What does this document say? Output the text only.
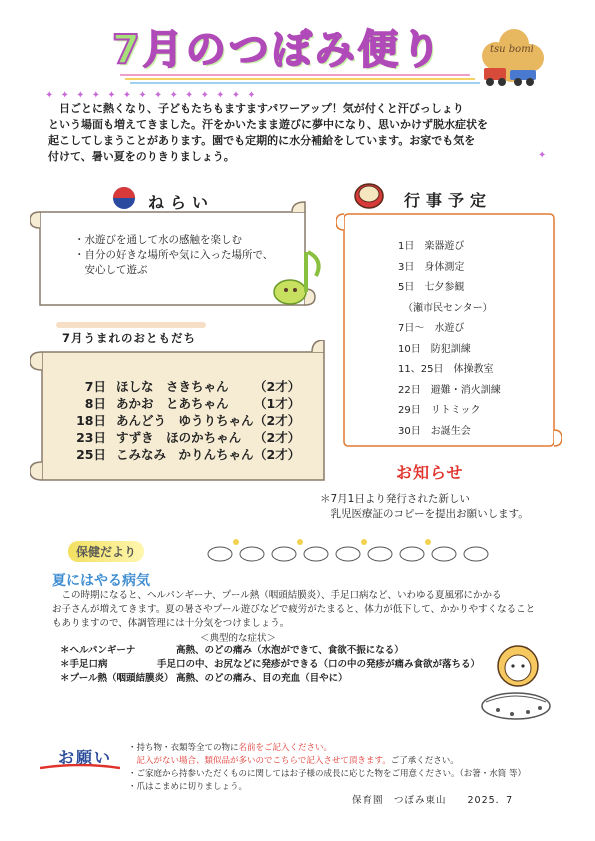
7月のつぼみ便り
✦ ✦ ✦ ✦ ✦ ✦ ✦ ✦ ✦ ✦ ✦ ✦ ✦ ✦
tsu bomi
　日ごとに熱くなり、子どもたちもますますパワーアップ！気が付くと汗びっしょり
という場面も増えてきました。汗をかいたまま遊びに夢中になり、思いかけず脱水症状を
起こしてしまうことがあります。園でも定期的に水分補給をしています。お家でも気を
付けて、暑い夏をのりきりましょう。	✦
ねらい
・水遊びを通して水の感触を楽しむ
・自分の好きな場所や気に入った場所で、
　安心して遊ぶ
行事予定
1日　楽器遊び
3日　身体測定
5日　七夕参観
　（瀬市民センター）
7日～　水遊び
10日　防犯訓練
11、25日　体操教室
22日　避難・消火訓練
29日　リトミック
30日　お誕生会
7月うまれのおともだち
7日 ほしな　さきちゃん	（2才）
8日 あかお　とあちゃん	（1才）
18日 あんどう　ゆうりちゃん （2才）
23日 すずき　ほのかちゃん	（2才）
25日 こみなみ　かりんちゃん （2才）
お知らせ
＊7月1日より発行された新しい
　乳児医療証のコピーを提出お願いします。
保健だより
夏にはやる病気
　この時期になると、ヘルパンギーナ、プール熱（咽頭結膜炎）、手足口病など、いわゆる夏風邪にかかる
お子さんが増えてきます。夏の暑さやプール遊びなどで疲労がたまると、体力が低下して、かかりやすくなること
もありますので、体調管理には十分気をつけましょう。
＜典型的な症状＞
＊ヘルパンギーナ	高熱、のどの痛み（水泡ができて、食欲不振になる）
＊手足口病	手足口の中、お尻などに発疹ができる（口の中の発疹が痛み食欲が落ちる）
＊プール熱（咽頭結膜炎） 高熱、のどの痛み、目の充血（目やに）
お願い ・持ち物・衣類等全ての物に名前をご記入ください。
　記入がない場合、類似品が多いのでこちらで記入させて頂きます。ご了承ください。
・ご家庭から持参いただくものに関してはお子様の成長に応じた物をご用意ください。（お箸・水筒 等）
・爪はこまめに切りましょう。
保育園　つぼみ東山　　2025．7
